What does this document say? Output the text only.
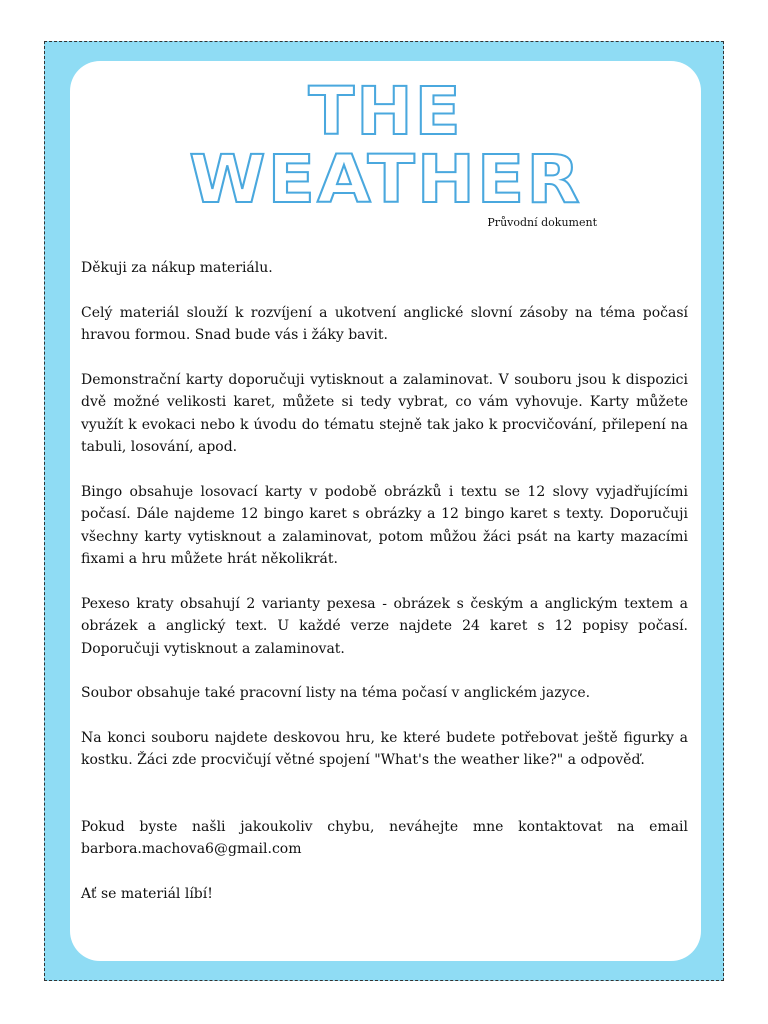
THE
WEATHER

Průvodní dokument

Děkuji za nákup materiálu.

Celý materiál slouží k rozvíjení a ukotvení anglické slovní zásoby na téma počasí hravou formou. Snad bude vás i žáky bavit.

Demonstrační karty doporučuji vytisknout a zalaminovat. V souboru jsou k dispozici dvě možné velikosti karet, můžete si tedy vybrat, co vám vyhovuje. Karty můžete využít k evokaci nebo k úvodu do tématu stejně tak jako k procvičování, přilepení na tabuli, losování, apod.

Bingo obsahuje losovací karty v podobě obrázků i textu se 12 slovy vyjadřujícími počasí. Dále najdeme 12 bingo karet s obrázky a 12 bingo karet s texty. Doporučuji všechny karty vytisknout a zalaminovat, potom můžou žáci psát na karty mazacími fixami a hru můžete hrát několikrát.

Pexeso kraty obsahují 2 varianty pexesa - obrázek s českým a anglickým textem a obrázek a anglický text. U každé verze najdete 24 karet s 12 popisy počasí. Doporučuji vytisknout a zalaminovat.

Soubor obsahuje také pracovní listy na téma počasí v anglickém jazyce.

Na konci souboru najdete deskovou hru, ke které budete potřebovat ještě figurky a kostku. Žáci zde procvičují větné spojení "What's the weather like?" a odpověď.

Pokud byste našli jakoukoliv chybu, neváhejte mne kontaktovat na email barbora.machova6@gmail.com

Ať se materiál líbí!
